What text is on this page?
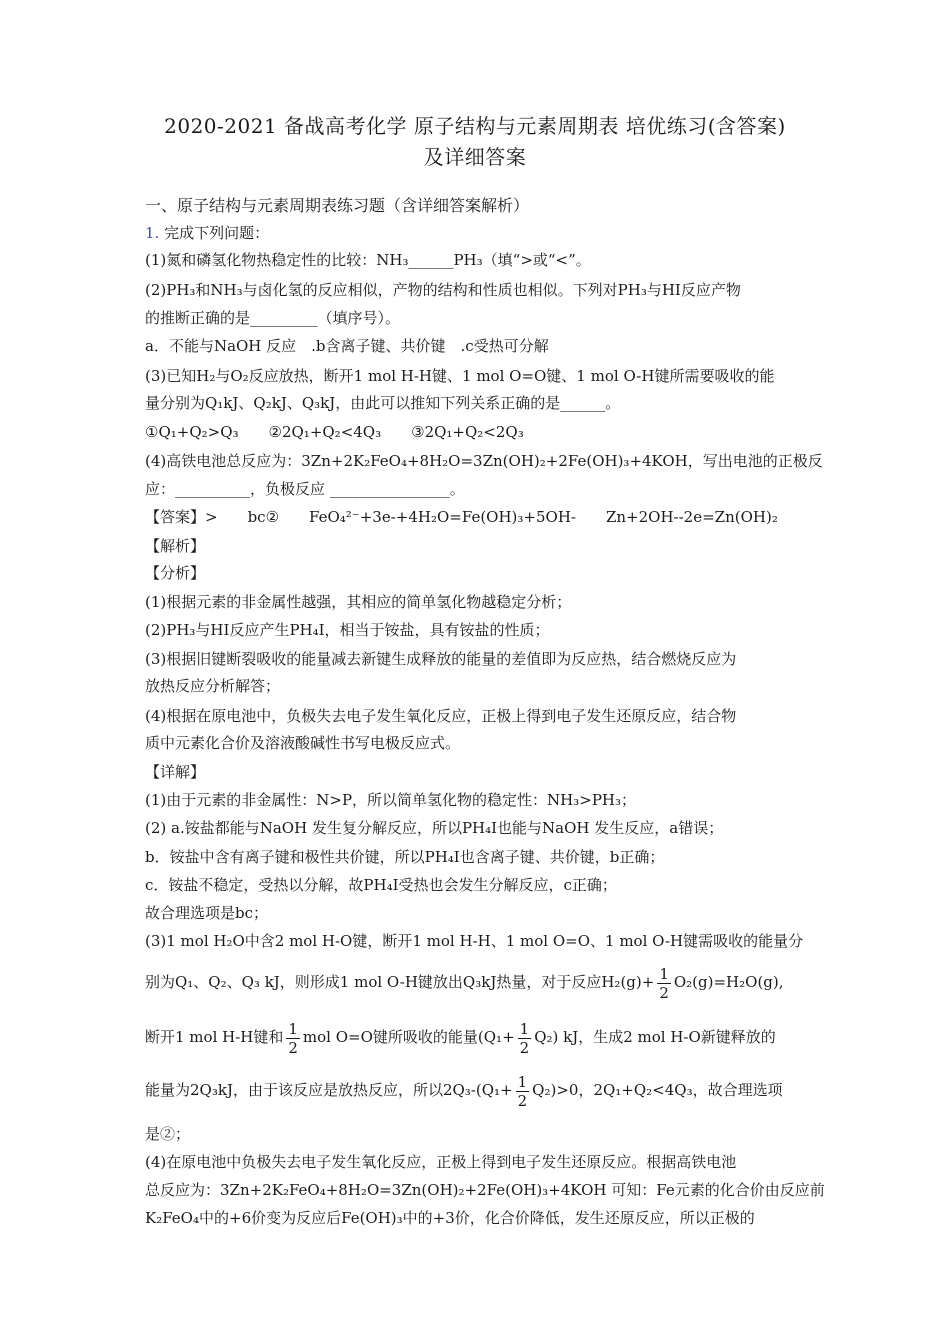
2020-2021 备战高考化学 原子结构与元素周期表 培优练习(含答案)
及详细答案
一、原子结构与元素周期表练习题（含详细答案解析）
1. 完成下列问题：
(1)氮和磷氢化物热稳定性的比较：NH₃______PH₃（填“>或“<”。
(2)PH₃和NH₃与卤化氢的反应相似，产物的结构和性质也相似。下列对PH₃与HI反应产物
的推断正确的是_________（填序号）。
a．不能与NaOH 反应　.b含离子键、共价键　.c受热可分解
(3)已知H₂与O₂反应放热，断开1 mol H-H键、1 mol O=O键、1 mol O-H键所需要吸收的能
量分别为Q₁kJ、Q₂kJ、Q₃kJ，由此可以推知下列关系正确的是______。
①Q₁+Q₂>Q₃　　②2Q₁+Q₂<4Q₃　　③2Q₁+Q₂<2Q₃
(4)高铁电池总反应为：3Zn+2K₂FeO₄+8H₂O=3Zn(OH)₂+2Fe(OH)₃+4KOH，写出电池的正极反
应：__________，负极反应 ________________。
【答案】>　　bc②　　FeO₄²⁻+3e-+4H₂O=Fe(OH)₃+5OH-　　Zn+2OH--2e=Zn(OH)₂
【解析】
【分析】
(1)根据元素的非金属性越强，其相应的简单氢化物越稳定分析；
(2)PH₃与HI反应产生PH₄I，相当于铵盐，具有铵盐的性质；
(3)根据旧键断裂吸收的能量减去新键生成释放的能量的差值即为反应热，结合燃烧反应为
放热反应分析解答；
(4)根据在原电池中，负极失去电子发生氧化反应，正极上得到电子发生还原反应，结合物
质中元素化合价及溶液酸碱性书写电极反应式。
【详解】
(1)由于元素的非金属性：N>P，所以简单氢化物的稳定性：NH₃>PH₃；
(2) a.铵盐都能与NaOH 发生复分解反应，所以PH₄I也能与NaOH 发生反应，a错误；
b．铵盐中含有离子键和极性共价键，所以PH₄I也含离子键、共价键，b正确；
c．铵盐不稳定，受热以分解，故PH₄I受热也会发生分解反应，c正确；
故合理选项是bc；
(3)1 mol H₂O中含2 mol H-O键，断开1 mol H-H、1 mol O=O、1 mol O-H键需吸收的能量分
别为Q₁、Q₂、Q₃ kJ，则形成1 mol O-H键放出Q₃kJ热量，对于反应$H_2(g)+ \frac{1}{2} O_2(g)=H_2O(g)$,
断开1 mol H-H键和 $\frac{1}{2}$ mol O=O键所吸收的能量$(Q_1+ \frac{1}{2} Q_2)$ kJ，生成2 mol H-O新键释放的
能量为2Q₃kJ，由于该反应是放热反应，所以$2Q_3-(Q_1+ \frac{1}{2} Q_2)>0$，2Q₁+Q₂<4Q₃，故合理选项
是②；
(4)在原电池中负极失去电子发生氧化反应，正极上得到电子发生还原反应。根据高铁电池
总反应为：3Zn+2K₂FeO₄+8H₂O=3Zn(OH)₂+2Fe(OH)₃+4KOH 可知：Fe元素的化合价由反应前
K₂FeO₄中的+6价变为反应后Fe(OH)₃中的+3价，化合价降低，发生还原反应，所以正极的
